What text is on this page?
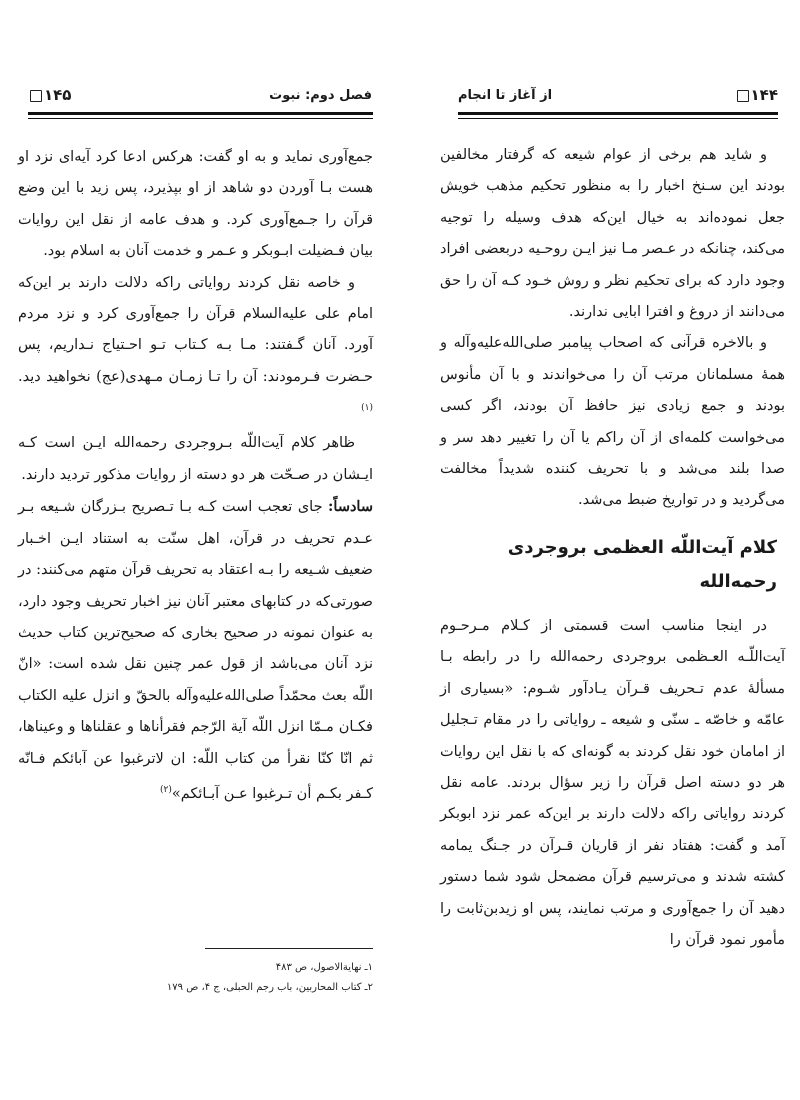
فصل دوم: نبوت
۱۴۵

جمع‌آوری نماید و به او گفت: هرکس ادعا کرد آیه‌ای نزد او هست بـا آوردن دو شاهد از او بپذیرد، پس زید با این وضع قرآن را جـمع‌آوری کرد. و هدف عامه از نقل این روایات بیان فـضیلت ابـوبکر و عـمر و خدمت آنان به اسلام بود.

و خاصه نقل کردند روایاتی راکه دلالت دارند بر این‌که امام علی علیه‌السلام قرآن را جمع‌آوری کرد و نزد مردم آورد. آنان گـفتند: مـا بـه کـتاب تـو احـتیاج نـداریم، پس حـضرت فـرمودند: آن را تـا زمـان مـهدی(عج) نخواهید دید.$^{(۱)}$

ظاهر کلام آیت‌اللّه بـروجردی رحمه‌الله ایـن است کـه ایـشان در صـحّت هر دو دسته از روایات مذکور تردید دارند.

سادساً: جای تعجب است کـه بـا تـصریح بـزرگان شـیعه بـر عـدم تحریف در قرآن، اهل سنّت به استناد ایـن اخـبار ضعیف شـیعه را بـه اعتقاد به تحریف قرآن متهم می‌کنند: در صورتی‌که در کتابهای معتبر آنان نیز اخبار تحریف وجود دارد، به عنوان نمونه در صحیح بخاری که صحیح‌ترین کتاب حدیث نزد آنان می‌باشد از قول عمر چنین نقل شده است: «انّ اللّه بعث محمّداً صلی‌الله‌علیه‌وآله بالحقّ و انزل علیه الکتاب فکـان مـمّا انزل اللّه آیة الرّجم فقرأناها و عقلناها و وعیناها، ثم انّا کنّا نقرأ من کتاب اللّه: ان لاترغبوا عن آبائکم فـانّه کـفر بکـم أن تـرغبوا عـن آبـائکم»$^{(۲)}$

۱ـ نهایة‌الاصول، ص ۴۸۳
۲ـ کتاب المحاربین، باب رجم الحبلی، ج ۴، ص ۱۷۹
از آغاز تا انجام	۱۴۴

و شاید هم برخی از عوام شیعه که گرفتار مخالفین بودند این سـنخ اخبار را به منظور تحکیم مذهب خویش جعل نموده‌اند به خیال این‌که هدف وسیله را توجیه می‌کند، چنانکه در عـصر مـا نیز ایـن روحـیه دربعضی افراد وجود دارد که برای تحکیم نظر و روش خـود کـه آن را حق می‌دانند از دروغ و افترا ابایی ندارند.

و بالاخره قرآنی که اصحاب پیامبر صلی‌الله‌علیه‌وآله و همهٔ مسلمانان مرتب آن را می‌خواندند و با آن مأنوس بودند و جمع زیادی نیز حافظ آن بودند، اگر کسی می‌خواست کلمه‌ای از آن راکم یا آن را تغییر دهد سر و صدا بلند می‌شد و با تحریف کننده شدیداً مخالفت می‌گردید و در تواریخ ضبط می‌شد.

کلام آیت‌اللّه العظمی بروجردی رحمه‌الله

در اینجا مناسب است قسمتی از کـلام مـرحـوم آیت‌اللّـه العـظمی بروجردی رحمه‌الله را در رابطه بـا مسألهٔ عدم تـحریف قـرآن یـادآور شـوم: «بسیاری از عامّه و خاصّه ـ سنّی و شیعه ـ روایاتی را در مقام تـجلیل از امامان خود نقل کردند به گونه‌ای که با نقل این روایات هر دو دسته اصل قرآن را زیر سؤال بردند. عامه نقل کردند روایاتی راکه دلالت دارند بر این‌که عمر نزد ابوبکر آمد و گفت: هفتاد نفر از قاریان قـرآن در جـنگ یمامه کشته شدند و می‌ترسیم قرآن مضمحل شود شما دستور دهید آن را جمع‌آوری و مرتب نمایند، پس او زیدبن‌ثابت را مأمور نمود قرآن را
